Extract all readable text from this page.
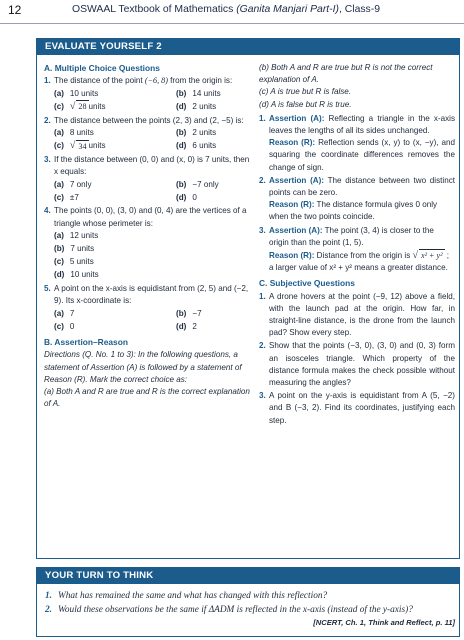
12	OSWAAL Textbook of Mathematics (Ganita Manjari Part-I), Class-9
EVALUATE YOURSELF 2
A. Multiple Choice Questions
1. The distance of the point (−6, 8) from the origin is:
(a) 10 units	(b) 14 units
(c) √ 28 units	(d) 2 units
2. The distance between the points (2, 3) and (2, −5) is:
(a) 8 units	(b) 2 units
(c) √ 34 units	(d) 6 units
3. If the distance between (0, 0) and (x, 0) is 7 units, then x equals:
(a) 7 only	(b) −7 only
(c) ±7	(d) 0
4. The points (0, 0), (3, 0) and (0, 4) are the vertices of a triangle whose perimeter is:
(a) 12 units
(b) 7 units
(c) 5 units
(d) 10 units
5. A point on the x-axis is equidistant from (2, 5) and (−2, 9). Its x-coordinate is:
(a) 7	(b) −7
(c) 0	(d) 2
B. Assertion–Reason
Directions (Q. No. 1 to 3): In the following questions, a statement of Assertion (A) is followed by a statement of Reason (R). Mark the correct choice as:
(a) Both A and R are true and R is the correct explanation of A.
(b) Both A and R are true but R is not the correct explanation of A.
(c) A is true but R is false.
(d) A is false but R is true.
1. Assertion (A): Reflecting a triangle in the x-axis leaves the lengths of all its sides unchanged.
Reason (R): Reflection sends (x, y) to (x, −y), and squaring the coordinate differences removes the change of sign.
2. Assertion (A): The distance between two distinct points can be zero.
Reason (R): The distance formula gives 0 only when the two points coincide.
3. Assertion (A): The point (3, 4) is closer to the origin than the point (1, 5).
Reason (R): Distance from the origin is √ x² + y² ; a larger value of x² + y² means a greater distance.
C. Subjective Questions
1. A drone hovers at the point (−9, 12) above a field, with the launch pad at the origin. How far, in straight-line distance, is the drone from the launch pad? Show every step.
2. Show that the points (−3, 0), (3, 0) and (0, 3) form an isosceles triangle. Which property of the distance formula makes the check possible without measuring the angles?
3. A point on the y-axis is equidistant from A (5, −2) and B (−3, 2). Find its coordinates, justifying each step.
YOUR TURN TO THINK
1. What has remained the same and what has changed with this reflection?
2. Would these observations be the same if ΔADM is reflected in the x-axis (instead of the y-axis)?
[NCERT, Ch. 1, Think and Reflect, p. 11]
